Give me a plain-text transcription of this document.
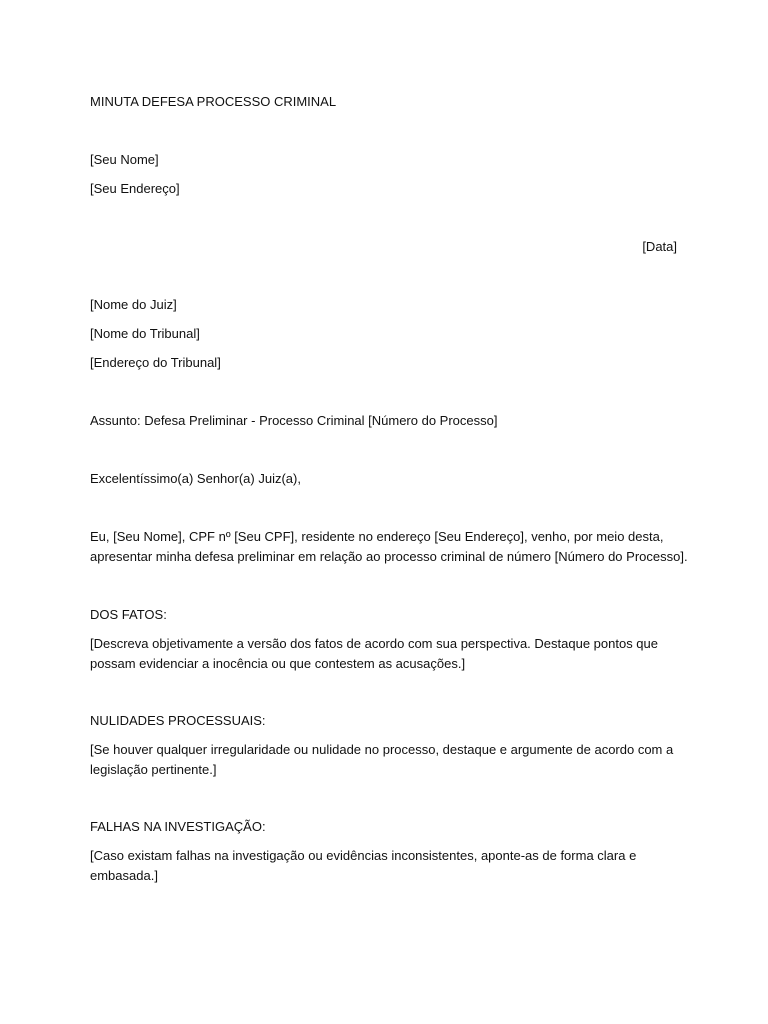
MINUTA DEFESA PROCESSO CRIMINAL
[Seu Nome]
[Seu Endereço]
[Data]
[Nome do Juiz]
[Nome do Tribunal]
[Endereço do Tribunal]
Assunto: Defesa Preliminar - Processo Criminal [Número do Processo]
Excelentíssimo(a) Senhor(a) Juiz(a),
Eu, [Seu Nome], CPF nº [Seu CPF], residente no endereço [Seu Endereço], venho, por meio desta,
apresentar minha defesa preliminar em relação ao processo criminal de número [Número do Processo].
DOS FATOS:
[Descreva objetivamente a versão dos fatos de acordo com sua perspectiva. Destaque pontos que
possam evidenciar a inocência ou que contestem as acusações.]
NULIDADES PROCESSUAIS:
[Se houver qualquer irregularidade ou nulidade no processo, destaque e argumente de acordo com a
legislação pertinente.]
FALHAS NA INVESTIGAÇÃO:
[Caso existam falhas na investigação ou evidências inconsistentes, aponte-as de forma clara e
embasada.]
